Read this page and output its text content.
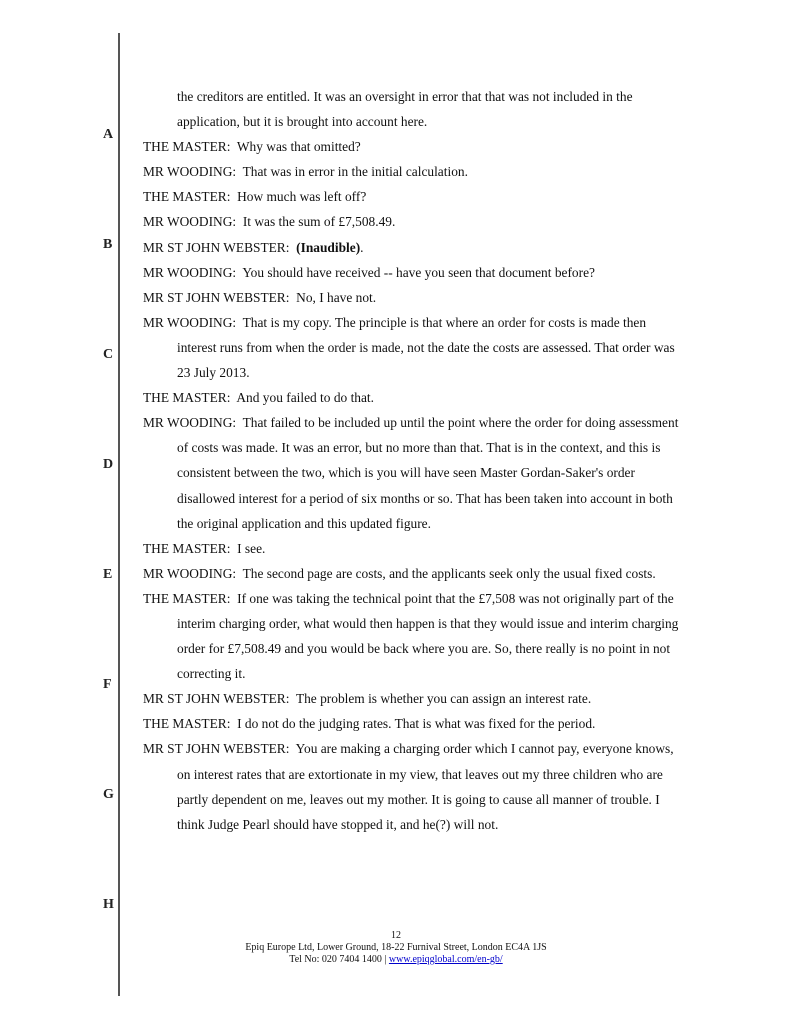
A
B
C
D
E
F
G
H

the creditors are entitled. It was an oversight in error that that was not included in the application, but it is brought into account here.

THE MASTER: Why was that omitted?

MR WOODING: That was in error in the initial calculation.

THE MASTER: How much was left off?

MR WOODING: It was the sum of £7,508.49.

MR ST JOHN WEBSTER: (Inaudible).

MR WOODING: You should have received -- have you seen that document before?

MR ST JOHN WEBSTER: No, I have not.

MR WOODING: That is my copy. The principle is that where an order for costs is made then interest runs from when the order is made, not the date the costs are assessed. That order was 23 July 2013.

THE MASTER: And you failed to do that.

MR WOODING: That failed to be included up until the point where the order for doing assessment of costs was made. It was an error, but no more than that. That is in the context, and this is consistent between the two, which is you will have seen Master Gordan-Saker's order disallowed interest for a period of six months or so. That has been taken into account in both the original application and this updated figure.

THE MASTER: I see.

MR WOODING: The second page are costs, and the applicants seek only the usual fixed costs.

THE MASTER: If one was taking the technical point that the £7,508 was not originally part of the interim charging order, what would then happen is that they would issue and interim charging order for £7,508.49 and you would be back where you are. So, there really is no point in not correcting it.

MR ST JOHN WEBSTER: The problem is whether you can assign an interest rate.

THE MASTER: I do not do the judging rates. That is what was fixed for the period.

MR ST JOHN WEBSTER: You are making a charging order which I cannot pay, everyone knows, on interest rates that are extortionate in my view, that leaves out my three children who are partly dependent on me, leaves out my mother. It is going to cause all manner of trouble. I think Judge Pearl should have stopped it, and he(?) will not.

12
Epiq Europe Ltd, Lower Ground, 18-22 Furnival Street, London EC4A 1JS
Tel No: 020 7404 1400 | www.epiqglobal.com/en-gb/
